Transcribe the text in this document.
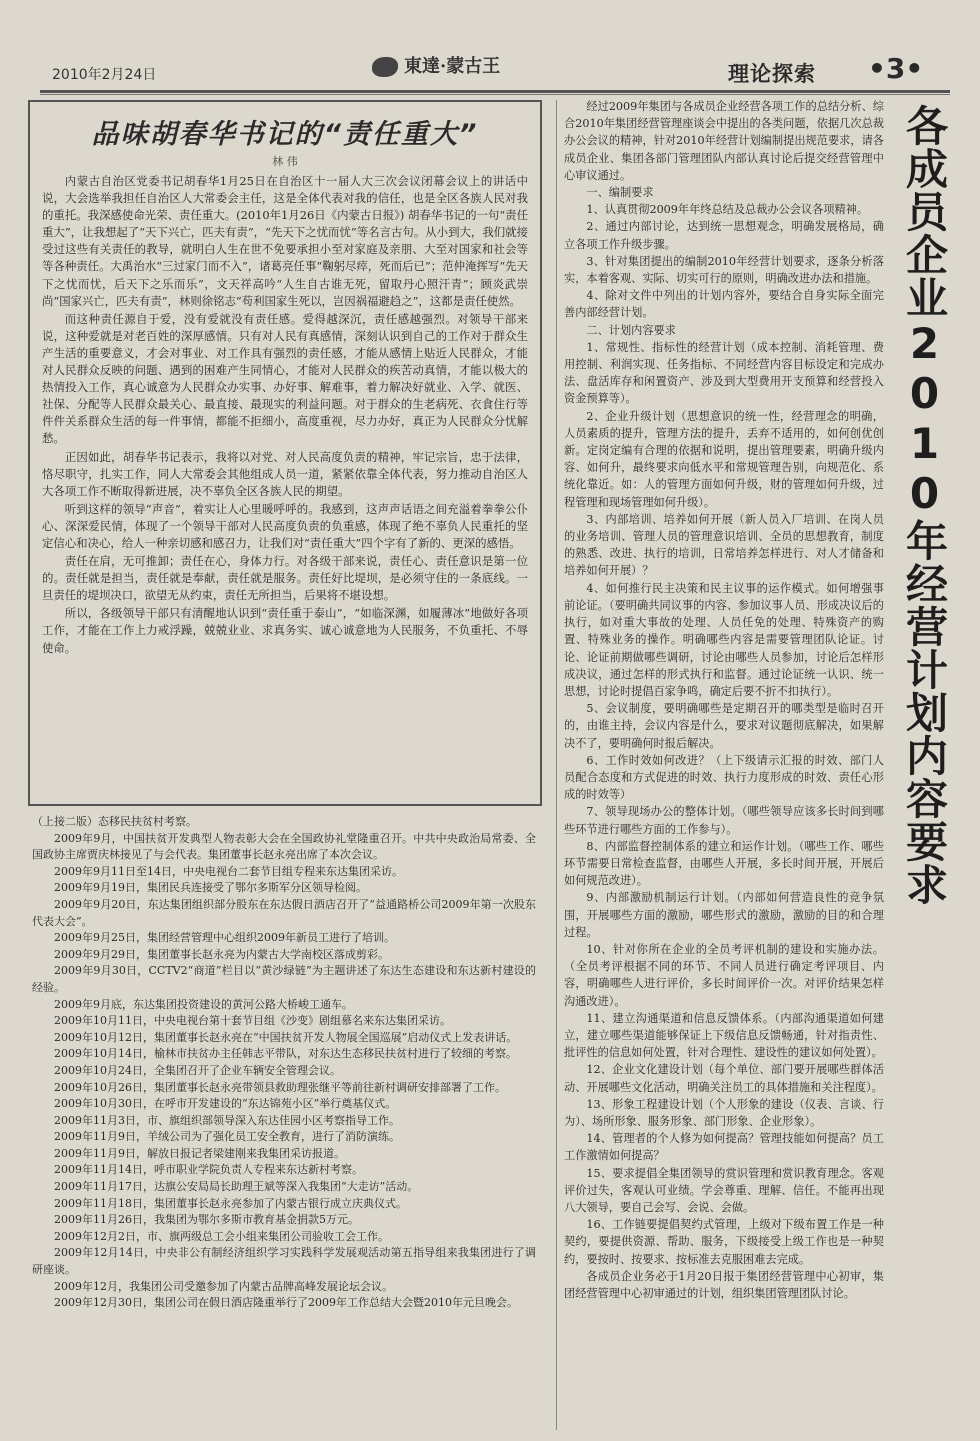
2010年2月24日	東達·蒙古王	理论探索 •3•
品味胡春华书记的“责任重大”
林 伟

内蒙古自治区党委书记胡春华1月25日在自治区十一届人大三次会议闭幕会议上的讲话中说，大会选举我担任自治区人大常委会主任，这是全体代表对我的信任，也是全区各族人民对我的重托。我深感使命光荣、责任重大。(2010年1月26日《内蒙古日报》) 胡春华书记的一句“责任重大”，让我想起了“天下兴亡，匹夫有责”，“先天下之忧而忧”等名言古句。从小到大，我们就接受过这些有关责任的教导，就明白人生在世不免要承担小至对家庭及亲朋、大至对国家和社会等等各种责任。大禹治水“三过家门而不入”，诸葛亮任事“鞠躬尽瘁，死而后已”；范仲淹挥写“先天下之忧而忧，后天下之乐而乐”，文天祥高吟“人生自古谁无死，留取丹心照汗青”；顾炎武崇尚“国家兴亡，匹夫有责”，林则徐铭志“苟利国家生死以，岂因祸福避趋之”，这都是责任使然。

而这种责任源自于爱，没有爱就没有责任感。爱得越深沉，责任感越强烈。对领导干部来说，这种爱就是对老百姓的深厚感情。只有对人民有真感情，深刻认识到自己的工作对于群众生产生活的重要意义，才会对事业、对工作具有强烈的责任感，才能从感情上贴近人民群众，才能对人民群众反映的问题、遇到的困难产生同情心，才能对人民群众的疾苦动真情，才能以极大的热情投入工作，真心诚意为人民群众办实事、办好事、解难事，着力解决好就业、入学、就医、社保、分配等人民群众最关心、最直接、最现实的利益问题。对于群众的生老病死、衣食住行等件件关系群众生活的每一件事情，都能不拒细小，高度重视，尽力办好，真正为人民群众分忧解愁。

正因如此，胡春华书记表示，我将以对党、对人民高度负责的精神，牢记宗旨，忠于法律，恪尽职守，扎实工作，同人大常委会其他组成人员一道，紧紧依靠全体代表，努力推动自治区人大各项工作不断取得新进展，决不辜负全区各族人民的期望。

听到这样的领导“声音”，着实让人心里暖呼呼的。我感到，这声声话语之间充溢着拳拳公仆心、深深爱民情，体现了一个领导干部对人民高度负责的负重感，体现了绝不辜负人民重托的坚定信心和决心，给人一种亲切感和感召力，让我们对“责任重大”四个字有了新的、更深的感悟。

责任在肩，无可推卸；责任在心，身体力行。对各级干部来说，责任心、责任意识是第一位的。责任就是担当，责任就是奉献，责任就是服务。责任好比堤坝，是必须守住的一条底线。一旦责任的堤坝决口，欲望无从约束，责任无所担当，后果将不堪设想。

所以，各级领导干部只有清醒地认识到“责任重于泰山”，“如临深渊，如履薄冰”地做好各项工作，才能在工作上力戒浮躁，兢兢业业、求真务实、诚心诚意地为人民服务，不负重托、不辱使命。

（上接二版）态移民扶贫村考察。

2009年9月，中国扶贫开发典型人物表彰大会在全国政协礼堂隆重召开。中共中央政治局常委、全国政协主席贾庆林接见了与会代表。集团董事长赵永亮出席了本次会议。

2009年9月11日至14日，中央电视台二套节目组专程来东达集团采访。

2009年9月19日，集团民兵连接受了鄂尔多斯军分区领导检阅。

2009年9月20日，东达集团组织部分股东在东达假日酒店召开了“益通路桥公司2009年第一次股东代表大会”。

2009年9月25日，集团经营管理中心组织2009年新员工进行了培训。

2009年9月29日，集团董事长赵永亮为内蒙古大学南校区落成剪彩。

2009年9月30日，CCTV2“商道”栏目以“黄沙绿链”为主题讲述了东达生态建设和东达新村建设的经验。

2009年9月底，东达集团投资建设的黄河公路大桥峻工通车。

2009年10月11日，中央电视台第十套节目组《沙变》剧组慕名来东达集团采访。

2009年10月12日，集团董事长赵永亮在“中国扶贫开发人物展全国巡展”启动仪式上发表讲话。

2009年10月14日，榆林市扶贫办主任韩志平带队，对东达生态移民扶贫村进行了较细的考察。

2009年10月24日，全集团召开了企业车辆安全管理会议。

2009年10月26日，集团董事长赵永亮带领县救助理张继平等前往新村调研安排部署了工作。

2009年10月30日，在呼市开发建设的“东达锦苑小区”举行奠基仪式。

2009年11月3日，市、旗组织部领导深入东达佳园小区考察指导工作。

2009年11月9日，羊绒公司为了强化员工安全教育，进行了消防演练。

2009年11月9日，解放日报记者梁建刚来我集团采访报道。

2009年11月14日，呼市职业学院负责人专程来东达新村考察。

2009年11月17日，达旗公安局局长助理王斌等深入我集团“大走访”活动。

2009年11月18日，集团董事长赵永亮参加了内蒙古银行成立庆典仪式。

2009年11月26日，我集团为鄂尔多斯市教育基金捐款5万元。

2009年12月2日，市、旗两级总工会小组来集团公司验收工会工作。

2009年12月14日，中央非公有制经济组织学习实践科学发展观活动第五指导组来我集团进行了调研座谈。

2009年12月，我集团公司受邀参加了内蒙古品牌高峰发展论坛会议。

2009年12月30日，集团公司在假日酒店隆重举行了2009年工作总结大会暨2010年元旦晚会。

经过2009年集团与各成员企业经营各项工作的总结分析、综合2010年集团经营管理座谈会中提出的各类问题，依据几次总裁办公会议的精神，针对2010年经营计划编制提出规范要求，请各成员企业、集团各部门管理团队内部认真讨论后提交经营管理中心审议通过。

一、编制要求

1、认真贯彻2009年年终总结及总裁办公会议各项精神。

2、通过内部讨论，达到统一思想观念，明确发展格局，确立各项工作升级步骤。

3、针对集团提出的编制2010年经营计划要求，逐条分析落实，本着客观、实际、切实可行的原则，明确改进办法和措施。

4、除对文件中列出的计划内容外，要结合自身实际全面完善内部经营计划。

二、计划内容要求

1、常规性、指标性的经营计划（成本控制、消耗管理、费用控制、利润实现、任务指标、不同经营内容目标设定和完成办法、盘活库存和闲置资产、涉及到大型费用开支预算和经营投入资金预算等）。

2、企业升级计划（思想意识的统一性，经营理念的明确，人员素质的提升，管理方法的提升，丢弃不适用的，如何创优创新。定岗定编有合理的依据和说明，提出管理要素，明确升级内容、如何升，最终要求向低水平和常规管理告别，向规范化、系统化靠近。如：人的管理方面如何升级，财的管理如何升级，过程管理和现场管理如何升级）。

3、内部培训、培养如何开展（新人员入厂培训、在岗人员的业务培训、管理人员的管理意识培训、全员的思想教育，制度的熟悉、改进、执行的培训，日常培养怎样进行、对人才储备和培养如何开展）？

4、如何推行民主决策和民主议事的运作模式。如何增强事前论证。（要明确共同议事的内容、参加议事人员、形成决议后的执行，如对重大事故的处理、人员任免的处理、特殊资产的购置、特殊业务的操作。明确哪些内容是需要管理团队论证。讨论、论证前期做哪些调研，讨论由哪些人员参加，讨论后怎样形成决议，通过怎样的形式执行和监督。通过论证统一认识、统一思想，讨论时提倡百家争鸣，确定后要不折不扣执行）。

5、会议制度，要明确哪些是定期召开的哪类型是临时召开的，由谁主持，会议内容是什么，要求对议题彻底解决，如果解决不了，要明确何时报后解决。

6、工作时效如何改进？（上下级请示汇报的时效、部门人员配合态度和方式促进的时效、执行力度形成的时效、责任心形成的时效等）

7、领导现场办公的整体计划。（哪些领导应该多长时间到哪些环节进行哪些方面的工作参与）。

8、内部监督控制体系的建立和运作计划。（哪些工作、哪些环节需要日常检查监督，由哪些人开展，多长时间开展，开展后如何规范改进）。

9、内部激励机制运行计划。（内部如何营造良性的竞争氛围，开展哪些方面的激励，哪些形式的激励，激励的目的和合理过程。

10、针对你所在企业的全员考评机制的建设和实施办法。（全员考评根据不同的环节、不同人员进行确定考评项目、内容，明确哪些人进行评价，多长时间评价一次。对评价结果怎样沟通改进）。

11、建立沟通渠道和信息反馈体系。（内部沟通渠道如何建立，建立哪些渠道能够保证上下级信息反馈畅通，针对指责性、批评性的信息如何处置，针对合理性、建设性的建议如何处置）。

12、企业文化建设计划（每个单位、部门要开展哪些群体活动、开展哪些文化活动，明确关注员工的具体措施和关注程度）。

13、形象工程建设计划（个人形象的建设（仪表、言谈、行为）、场所形象、服务形象、部门形象、企业形象）。

14、管理者的个人修为如何提高？管理技能如何提高？员工工作激情如何提高？

15、要求提倡全集团领导的赏识管理和赏识教育理念。客观评价过失，客观认可业绩。学会尊重、理解、信任。不能再出现八大领导，要自己会写、会说、会做。

16、工作链要提倡契约式管理，上级对下级布置工作是一种契约，要提供资源、帮助、服务，下级接受上级工作也是一种契约，要按时、按要求、按标准去克服困难去完成。

各成员企业务必于1月20日报于集团经营管理中心初审，集团经营管理中心初审通过的计划，组织集团管理团队讨论。

各成员企业2010年经营计划内容要求
